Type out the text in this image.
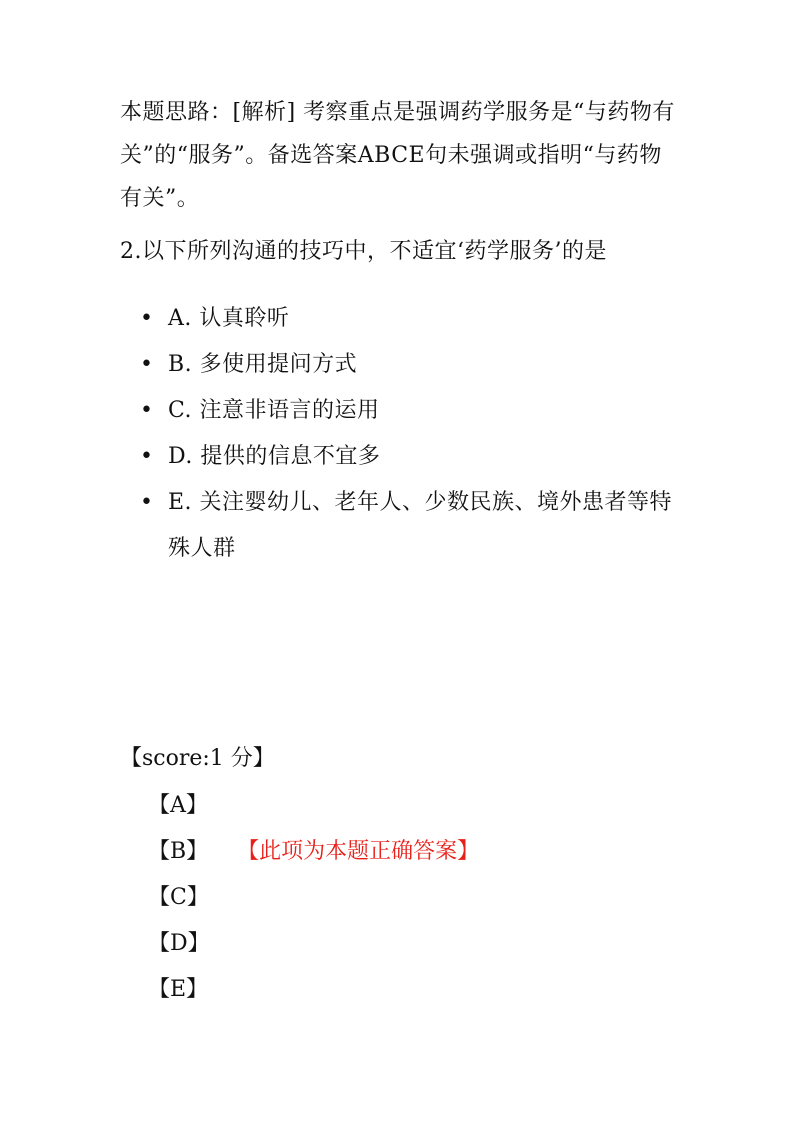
本题思路：[解析] 考察重点是强调药学服务是“与药物有关”的“服务”。备选答案ABCE句未强调或指明“与药物有关”。

2.以下所列沟通的技巧中，不适宜‘药学服务’的是

• A. 认真聆听
• B. 多使用提问方式
• C. 注意非语言的运用
• D. 提供的信息不宜多
• E. 关注婴幼儿、老年人、少数民族、境外患者等特殊人群
【score:1 分】
【A】
【B】 【此项为本题正确答案】
【C】
【D】
【E】
